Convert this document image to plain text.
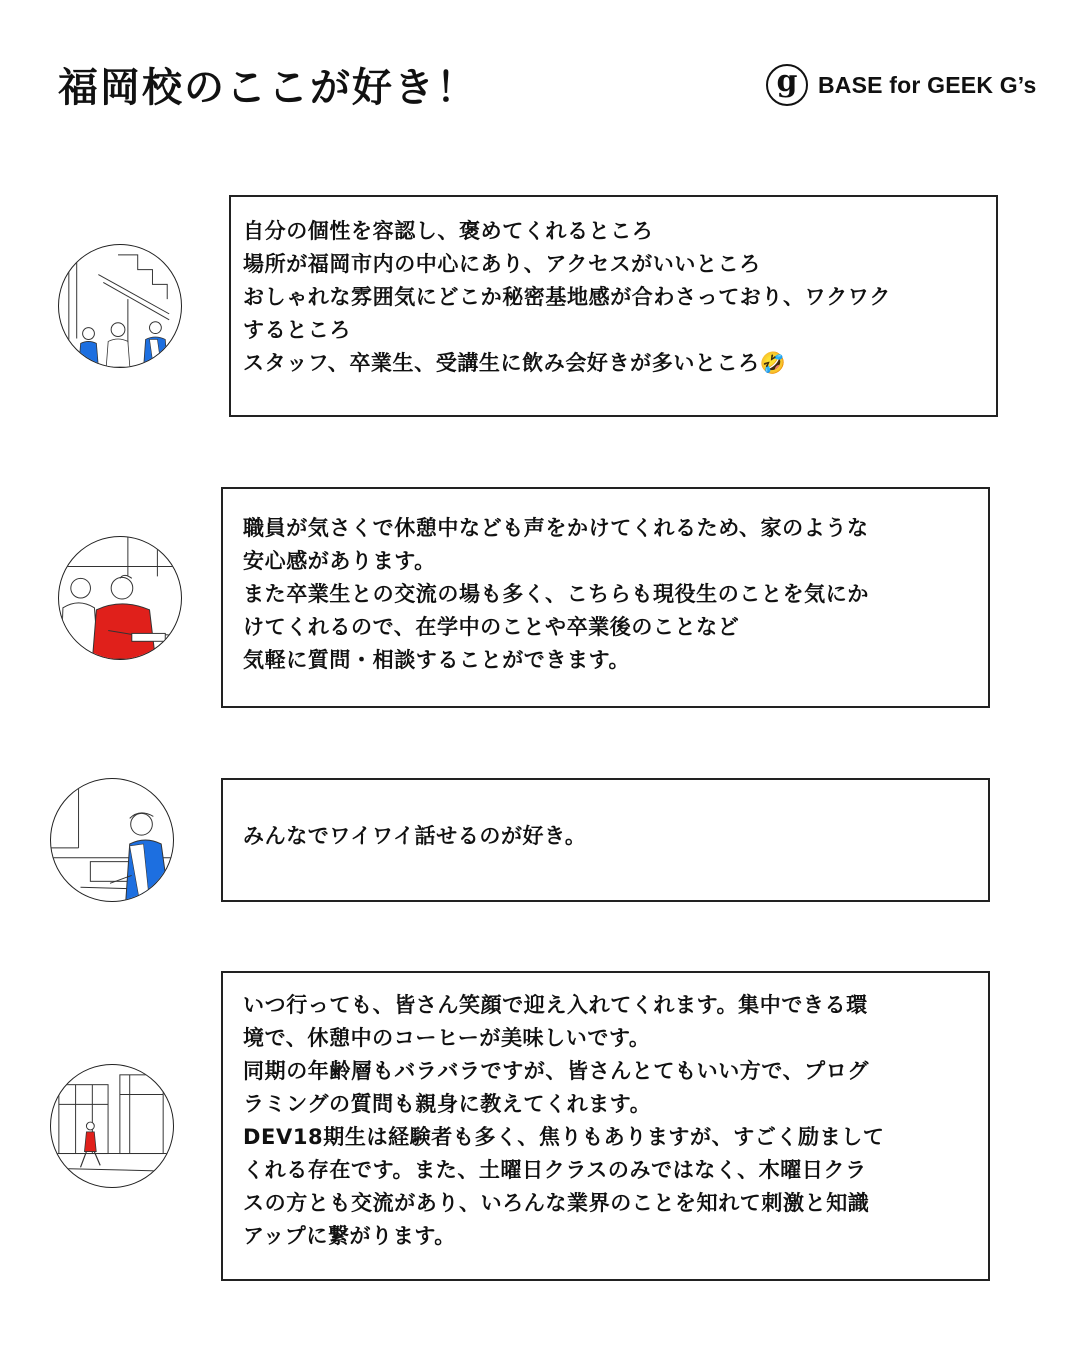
福岡校のここが好き！	g BASE for GEEK G’s
自分の個性を容認し、褒めてくれるところ
場所が福岡市内の中心にあり、アクセスがいいところ
おしゃれな雰囲気にどこか秘密基地感が合わさっており、ワクワク
するところ
スタッフ、卒業生、受講生に飲み会好きが多いところ🤣
職員が気さくで休憩中なども声をかけてくれるため、家のような
安心感があります。
また卒業生との交流の場も多く、こちらも現役生のことを気にか
けてくれるので、在学中のことや卒業後のことなど
気軽に質問・相談することができます。
みんなでワイワイ話せるのが好き。
いつ行っても、皆さん笑顔で迎え入れてくれます。集中できる環
境で、休憩中のコーヒーが美味しいです。
同期の年齢層もバラバラですが、皆さんとてもいい方で、プログ
ラミングの質問も親身に教えてくれます。
DEV18期生は経験者も多く、焦りもありますが、すごく励まして
くれる存在です。また、土曜日クラスのみではなく、木曜日クラ
スの方とも交流があり、いろんな業界のことを知れて刺激と知識
アップに繋がります。
